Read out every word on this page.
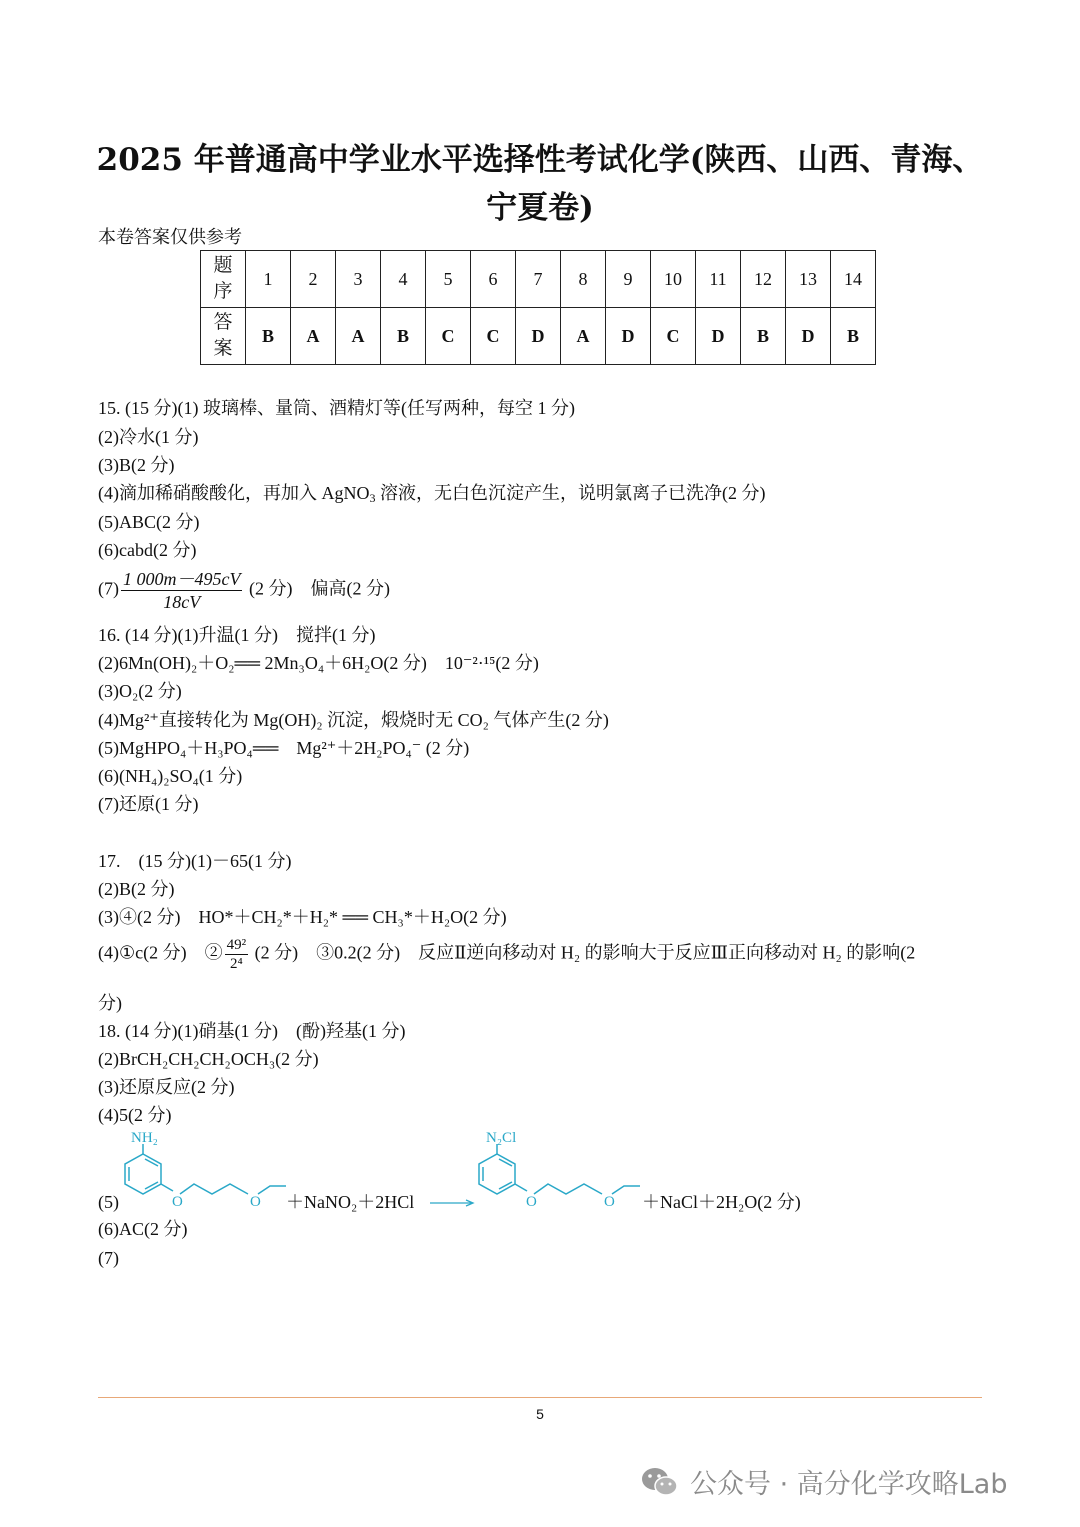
2025 年普通高中学业水平选择性考试化学(陕西、山西、青海、
宁夏卷)
本卷答案仅供参考
题
序	1	2	3	4	5	6	7	8	9	10	11	12	13	14
答
案	B	A	A	B	C	C	D	A	D	C	D	B	D	B
15. (15 分)(1) 玻璃棒、量筒、酒精灯等(任写两种，每空 1 分)
(2)冷水(1 分)
(3)B(2 分)
(4)滴加稀硝酸酸化，再加入 AgNO$_3$ 溶液，无白色沉淀产生，说明氯离子已洗净(2 分)
(5)ABC(2 分)
(6)cabd(2 分)
$(7) \frac{1 000m-495cV}{18cV} (2$ 分)　偏高(2 分)
16. (14 分)(1)升温(1 分)　搅拌(1 分)
(2)6Mn(OH)₂＋O₂══ 2Mn₃O₄＋6H₂O(2 分)　10⁻²·¹⁵(2 分)
(3)O₂(2 分)
(4)Mg²⁺直接转化为 Mg(OH)₂ 沉淀，煅烧时无 CO₂ 气体产生(2 分)
(5)MgHPO₄＋H₃PO₄══　Mg²⁺＋2H₂PO₄⁻ (2 分)
(6)(NH₄)₂SO₄(1 分)
(7)还原(1 分)
17.　(15 分)(1)－65(1 分)
(2)B(2 分)
(3)④(2 分)　HO*＋CH₂*＋H₂* ══ CH₃*＋H₂O(2 分)
(4)①c(2 分)　② $\frac{\text{49²}}{\text{2⁴}} (2$ 分)　③0.2(2 分)　反应Ⅱ逆向移动对 H₂ 的影响大于反应Ⅲ正向移动对 H₂ 的影响(2
分)
18. (14 分)(1)硝基(1 分)　(酚)羟基(1 分)
(2)BrCH₂CH₂CH₂OCH₃(2 分)
(3)还原反应(2 分)
(4)5(2 分)
(5)
NH₂
O	O ＋NaNO₂＋2HCl →
N₂Cl
O	O ＋NaCl＋2H₂O(2 分)
(6)AC(2 分)
(7)
5
公众号 · 高分化学攻略Lab
